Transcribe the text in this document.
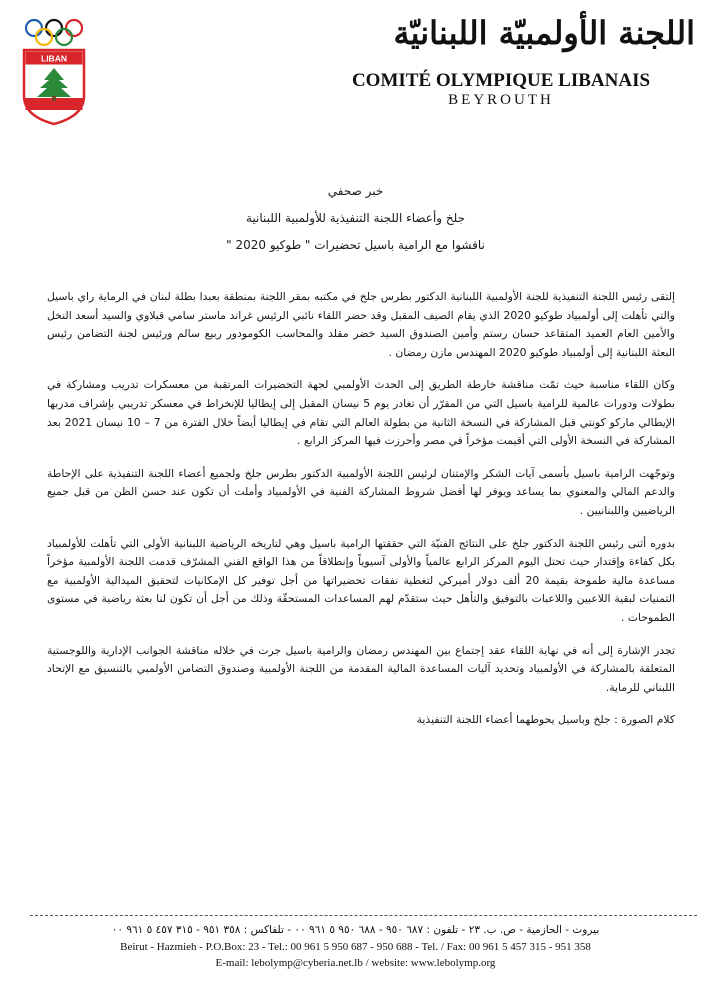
LIBAN
اللجنة الأولمبيّة اللبنانيّة
COMITÉ OLYMPIQUE LIBANAIS
BEYROUTH
خبر صحفي
جلخ وأعضاء اللجنة التنفيذية للأولمبية اللبنانية
ناقشوا مع الرامية باسيل تحضيرات " طوكيو 2020 "

إلتقى رئيس اللجنة التنفيذية للجنة الأولمبية اللبنانية الدكتور بطرس جلخ في مكتبه بمقر اللجنة بمنطقة بعبدا بطلة لبنان في الرماية راي باسيل والتي تأهلت إلى أولمبياد طوكيو 2020 الذي يقام الصيف المقبل وقد حضر اللقاء نائبي الرئيس غراند ماستر سامي قبلاوي والسيد أسعد النخل والأمين العام العميد المتقاعد حسان رستم وأمين الصندوق السيد خضر مقلد والمحاسب الكومودور ربيع سالم ورئيس لجنة التضامن رئيس البعثة اللبنانية إلى أولمبياد طوكيو 2020 المهندس مازن رمضان .

وكان اللقاء مناسبة حيث تمّت مناقشة خارطة الطريق إلى الحدث الأولمبي لجهة التحضيرات المرتقبة من معسكرات تدريب ومشاركة في بطولات ودورات عالمية للرامية باسيل التي من المقرّر أن تغادر يوم 5 نيسان المقبل إلى إيطاليا للإنخراط في معسكر تدريبي بإشراف مدربها الإيطالي ماركو كونتي قبل المشاركة في النسخة الثانية من بطولة العالم التي تقام في إيطاليا أيضاً خلال الفترة من 7 – 10 نيسان 2021 بعد المشاركة في النسخة الأولى التي أقيمت مؤخراً في مصر وأحرزت فيها المركز الرابع .

وتوجّهت الرامية باسيل بأسمى آيات الشكر والإمتنان لرئيس اللجنة الأولمبية الدكتور بطرس جلخ ولجميع أعضاء اللجنة التنفيذية على الإحاطة والدعم المالي والمعنوي بما يساعد ويوفر لها أفضل شروط المشاركة الفنية في الأولمبياد وأملت أن تكون عند حسن الظن من قبل جميع الرياضيين واللبنانيين .

بدوره أثنى رئيس اللجنة الدكتور جلخ على النتائج الفنيّة التي حققتها الرامية باسيل وهي لتاريخه الرياضية اللبنانية الأولى التي تأهلت للأولمبياد بكل كفاءة وإقتدار حيث تحتل اليوم المركز الرابع عالمياً والأولى آسيوياً وإنطلاقاً من هذا الواقع الفني المشرّف قدمت اللجنة الأولمبية مؤخراً مساعدة مالية طموحة بقيمة 20 ألف دولار أميركي لتغطية نفقات تحضيراتها من أجل توفير كل الإمكانيات لتحقيق الميدالية الأولمبية مع التمنيات لبقية اللاعبين واللاعبات بالتوفيق والتأهل حيث ستقدّم لهم المساعدات المستحقّة وذلك من أجل أن تكون لنا بعثة رياضية في مستوى الطموحات .

تجدر الإشارة إلى أنه في نهاية اللقاء عقد إجتماع بين المهندس رمضان والرامية باسيل جرت في خلاله مناقشة الجوانب الإدارية واللوجستية المتعلقة بالمشاركة في الأولمبياد وتحديد آليات المساعدة المالية المقدمة من اللجنة الأولمبية وصندوق التضامن الأولمبي بالتنسيق مع الإتحاد اللبناني للرماية.

كلام الصورة : جلخ وباسيل يحوطهما أعضاء اللجنة التنفيذية

بيروت - الحازمية - ص. ب. ٢٣ - تلفون : ٦٨٧ ٩٥٠ - ٦٨٨ ٩٥٠ ٥ ٩٦١ ٠٠ - تلفاكس : ٣٥٨ ٩٥١ - ٣١٥ ٤٥٧ ٥ ٩٦١ ٠٠
Beirut - Hazmieh - P.O.Box: 23 - Tel.: 00 961 5 950 687 - 950 688 - Tel. / Fax: 00 961 5 457 315 - 951 358
E-mail: lebolymp@cyberia.net.lb / website: www.lebolymp.org
